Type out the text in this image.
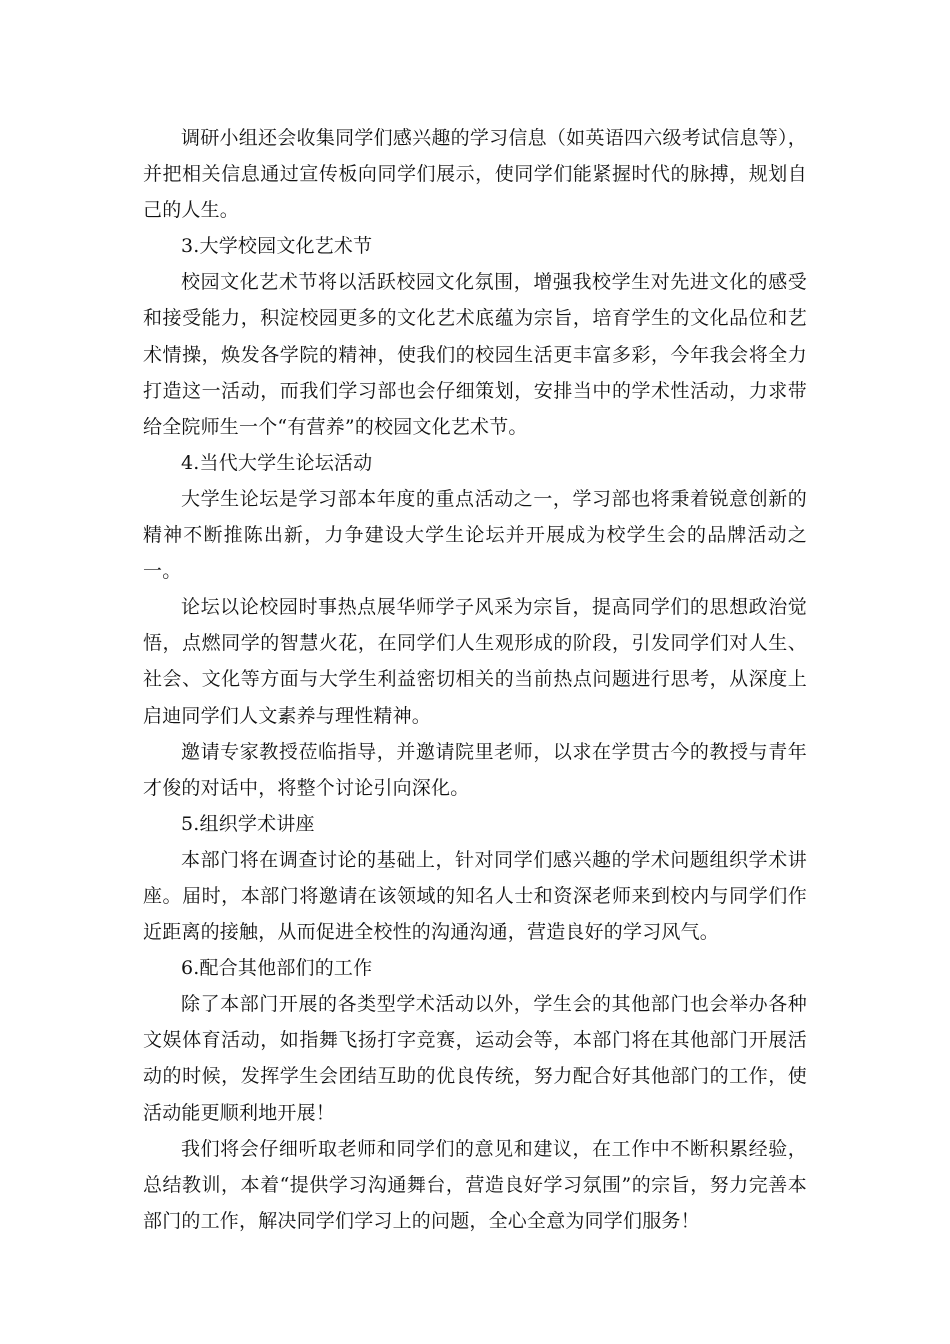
调研小组还会收集同学们感兴趣的学习信息（如英语四六级考试信息等），并把相关信息通过宣传板向同学们展示，使同学们能紧握时代的脉搏，规划自己的人生。

3.大学校园文化艺术节

校园文化艺术节将以活跃校园文化氛围，增强我校学生对先进文化的感受和接受能力，积淀校园更多的文化艺术底蕴为宗旨，培育学生的文化品位和艺术情操，焕发各学院的精神，使我们的校园生活更丰富多彩，今年我会将全力打造这一活动，而我们学习部也会仔细策划，安排当中的学术性活动，力求带给全院师生一个“有营养”的校园文化艺术节。

4.当代大学生论坛活动

大学生论坛是学习部本年度的重点活动之一，学习部也将秉着锐意创新的精神不断推陈出新，力争建设大学生论坛并开展成为校学生会的品牌活动之一。

论坛以论校园时事热点展华师学子风采为宗旨，提高同学们的思想政治觉悟，点燃同学的智慧火花，在同学们人生观形成的阶段，引发同学们对人生、社会、文化等方面与大学生利益密切相关的当前热点问题进行思考，从深度上启迪同学们人文素养与理性精神。

邀请专家教授莅临指导，并邀请院里老师，以求在学贯古今的教授与青年才俊的对话中，将整个讨论引向深化。

5.组织学术讲座

本部门将在调查讨论的基础上，针对同学们感兴趣的学术问题组织学术讲座。届时，本部门将邀请在该领域的知名人士和资深老师来到校内与同学们作近距离的接触，从而促进全校性的沟通沟通，营造良好的学习风气。

6.配合其他部们的工作

除了本部门开展的各类型学术活动以外，学生会的其他部门也会举办各种文娱体育活动，如指舞飞扬打字竞赛，运动会等，本部门将在其他部门开展活动的时候，发挥学生会团结互助的优良传统，努力配合好其他部门的工作，使活动能更顺利地开展！

我们将会仔细听取老师和同学们的意见和建议，在工作中不断积累经验，总结教训，本着“提供学习沟通舞台，营造良好学习氛围”的宗旨，努力完善本部门的工作，解决同学们学习上的问题，全心全意为同学们服务！
